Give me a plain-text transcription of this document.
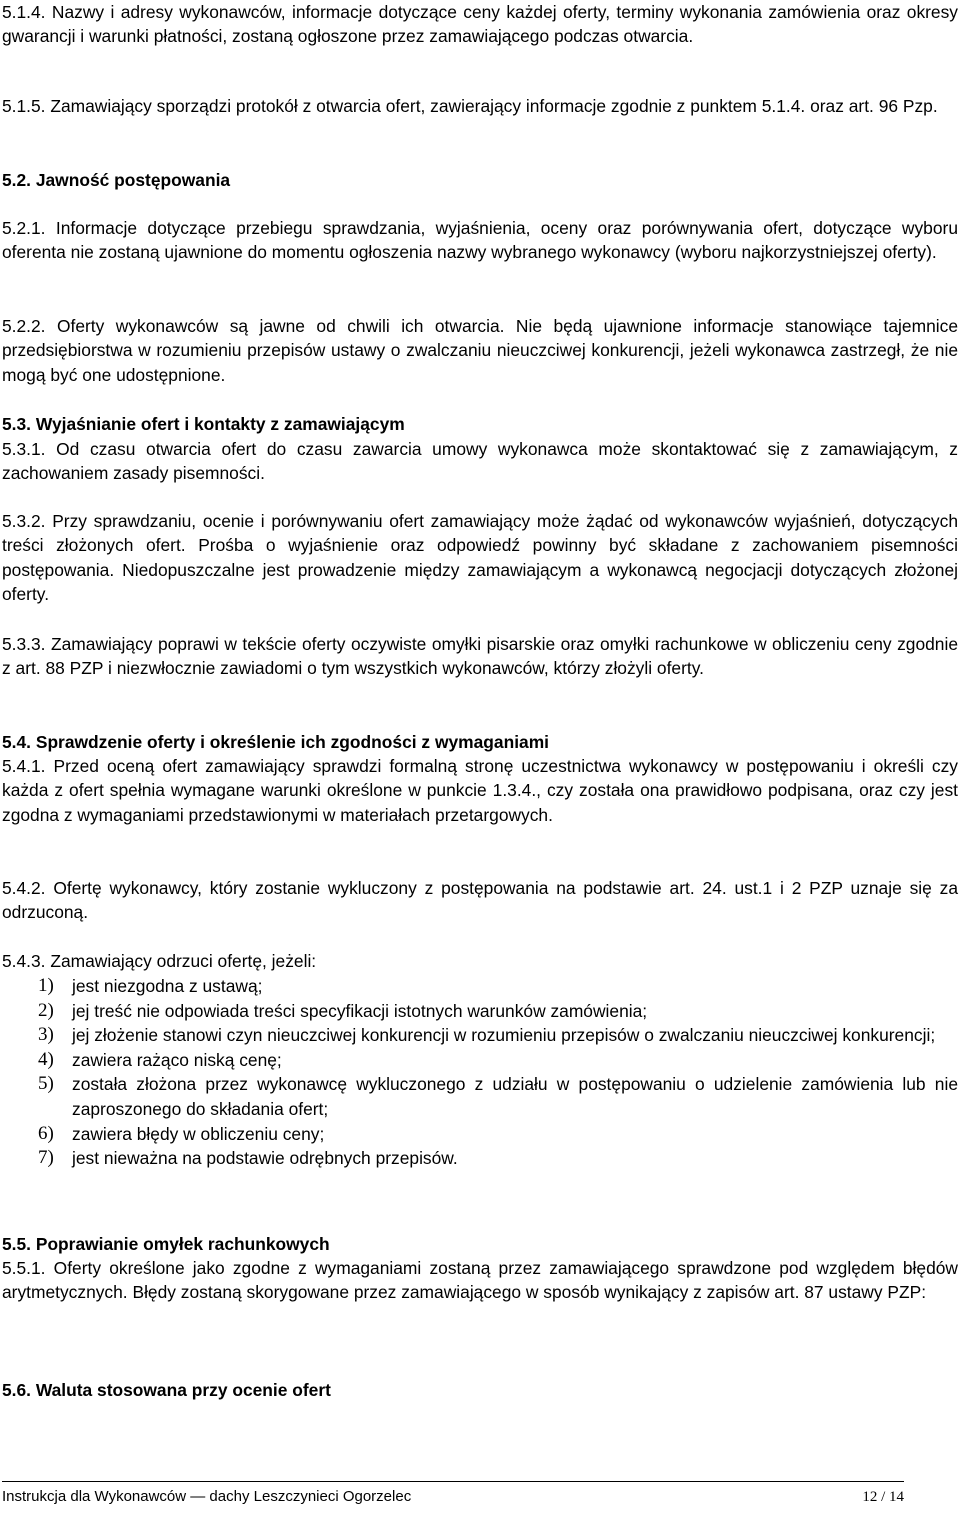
5.1.4. Nazwy i adresy wykonawców, informacje dotyczące ceny każdej oferty, terminy wykonania zamówienia oraz okresy gwarancji i warunki płatności, zostaną ogłoszone przez zamawiającego podczas otwarcia.

5.1.5. Zamawiający sporządzi protokół z otwarcia ofert, zawierający informacje zgodnie z punktem 5.1.4. oraz art. 96 Pzp.

5.2. Jawność postępowania

5.2.1. Informacje dotyczące przebiegu sprawdzania, wyjaśnienia, oceny oraz porównywania ofert, dotyczące wyboru oferenta nie zostaną ujawnione do momentu ogłoszenia nazwy wybranego wykonawcy (wyboru najkorzystniejszej oferty).

5.2.2. Oferty wykonawców są jawne od chwili ich otwarcia. Nie będą ujawnione informacje stanowiące tajemnice przedsiębiorstwa w rozumieniu przepisów ustawy o zwalczaniu nieuczciwej konkurencji, jeżeli wykonawca zastrzegł, że nie mogą być one udostępnione.

5.3. Wyjaśnianie ofert i kontakty z zamawiającym

5.3.1. Od czasu otwarcia ofert do czasu zawarcia umowy wykonawca może skontaktować się z zamawiającym, z zachowaniem zasady pisemności.

5.3.2. Przy sprawdzaniu, ocenie i porównywaniu ofert zamawiający może żądać od wykonawców wyjaśnień, dotyczących treści złożonych ofert. Prośba o wyjaśnienie oraz odpowiedź powinny być składane z zachowaniem pisemności postępowania. Niedopuszczalne jest prowadzenie między zamawiającym a wykonawcą negocjacji dotyczących złożonej oferty.

5.3.3. Zamawiający poprawi w tekście oferty oczywiste omyłki pisarskie oraz omyłki rachunkowe w obliczeniu ceny zgodnie z art. 88 PZP i niezwłocznie zawiadomi o tym wszystkich wykonawców, którzy złożyli oferty.

5.4. Sprawdzenie oferty i określenie ich zgodności z wymaganiami

5.4.1. Przed oceną ofert zamawiający sprawdzi formalną stronę uczestnictwa wykonawcy w postępowaniu i określi czy każda z ofert spełnia wymagane warunki określone w punkcie 1.3.4., czy została ona prawidłowo podpisana, oraz czy jest zgodna z wymaganiami przedstawionymi w materiałach przetargowych.

5.4.2. Ofertę wykonawcy, który zostanie wykluczony z postępowania na podstawie art. 24. ust.1 i 2 PZP uznaje się za odrzuconą.

5.4.3. Zamawiający odrzuci ofertę, jeżeli:

1)	jest niezgodna z ustawą;
2)	jej treść nie odpowiada treści specyfikacji istotnych warunków zamówienia;
3)	jej złożenie stanowi czyn nieuczciwej konkurencji w rozumieniu przepisów o zwalczaniu nieuczciwej konkurencji;
4)	zawiera rażąco niską cenę;
5)	została złożona przez wykonawcę wykluczonego z udziału w postępowaniu o udzielenie zamówienia lub nie zaproszonego do składania ofert;
6)	zawiera błędy w obliczeniu ceny;
7)	jest nieważna na podstawie odrębnych przepisów.

5.5. Poprawianie omyłek rachunkowych

5.5.1. Oferty określone jako zgodne z wymaganiami zostaną przez zamawiającego sprawdzone pod względem błędów arytmetycznych. Błędy zostaną skorygowane przez zamawiającego w sposób wynikający z zapisów art. 87 ustawy PZP:

5.6. Waluta stosowana przy ocenie ofert

Instrukcja dla Wykonawców — dachy Leszczyniecі Ogorzelec	12 / 14
